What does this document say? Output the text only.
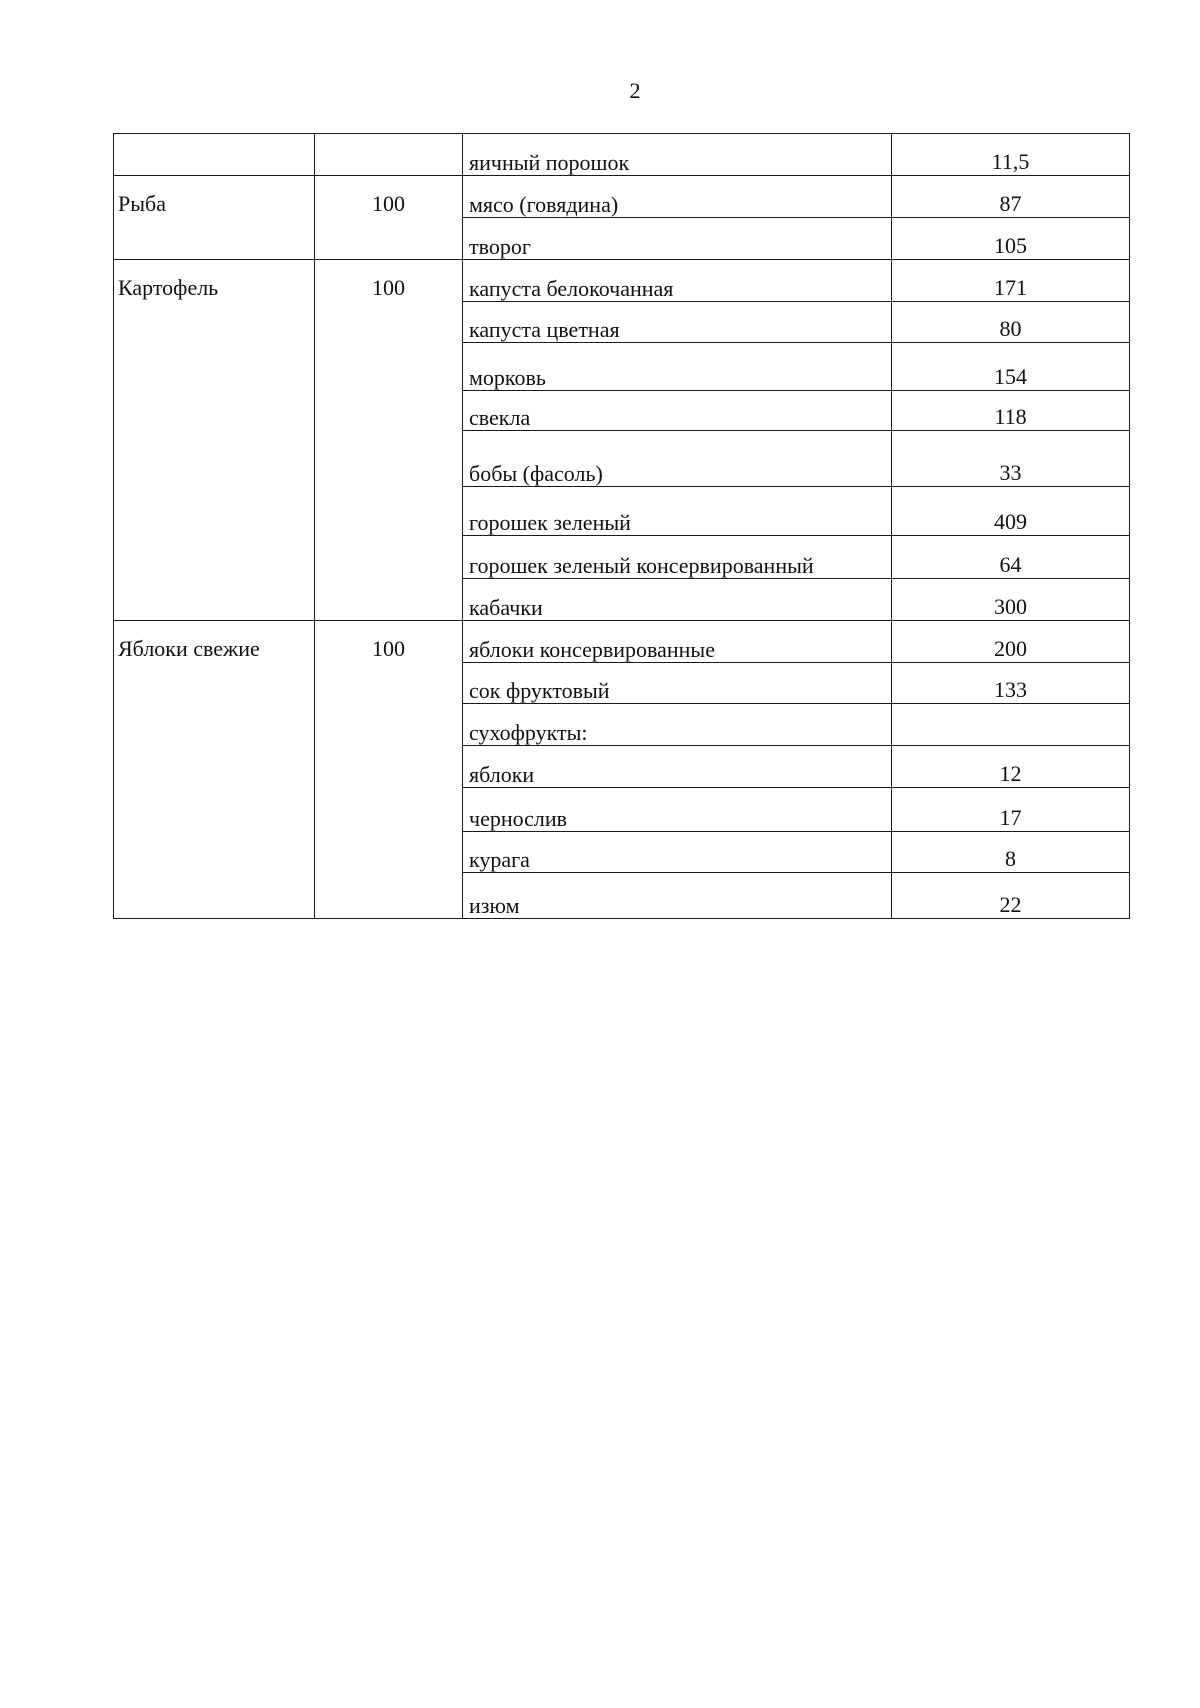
2
		яичный порошок	11,5
Рыба	100	мясо (говядина)	87
		творог	105
Картофель	100	капуста белокочанная	171
		капуста цветная	80
		морковь	154
		свекла	118
		бобы (фасоль)	33
		горошек зеленый	409
		горошек зеленый консервированный	64
		кабачки	300
Яблоки свежие	100	яблоки консервированные	200
		сок фруктовый	133
		сухофрукты:	
		яблоки	12
		чернослив	17
		курага	8
		изюм	22
